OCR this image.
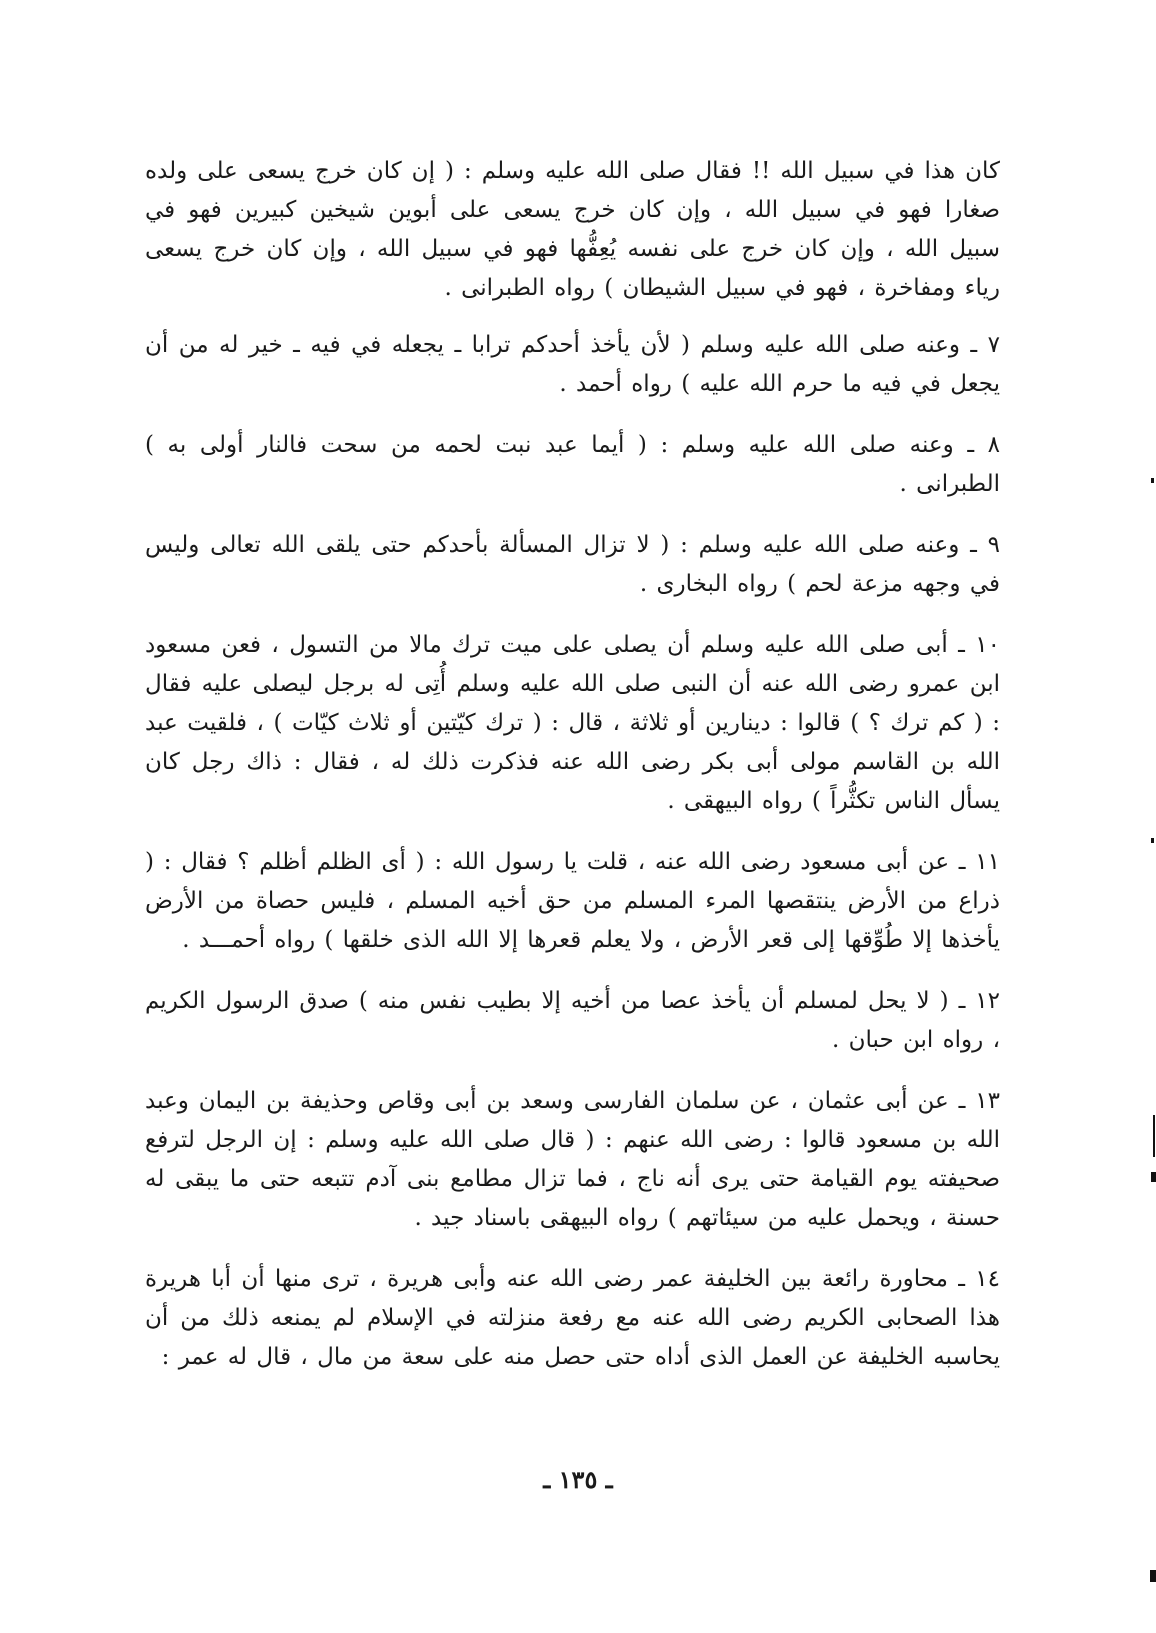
كان هذا في سبيل الله !! فقال صلى الله عليه وسلم : ( إن كان خرج يسعى على ولده صغارا فهو في سبيل الله ، وإن كان خرج يسعى على أبوين شيخين كبيرين فهو في سبيل الله ، وإن كان خرج على نفسه يُعِفُّها فهو في سبيل الله ، وإن كان خرج يسعى رياء ومفاخرة ، فهو في سبيل الشيطان ) رواه الطبرانى .

٧ ـ وعنه صلى الله عليه وسلم ( لأن يأخذ أحدكم ترابا ـ يجعله في فيه ـ خير له من أن يجعل في فيه ما حرم الله عليه ) رواه أحمد .

٨ ـ وعنه صلى الله عليه وسلم : ( أيما عبد نبت لحمه من سحت فالنار أولى به ) الطبرانى .

٩ ـ وعنه صلى الله عليه وسلم : ( لا تزال المسألة بأحدكم حتى يلقى الله تعالى وليس في وجهه مزعة لحم ) رواه البخارى .

١٠ ـ أبى صلى الله عليه وسلم أن يصلى على ميت ترك مالا من التسول ، فعن مسعود ابن عمرو رضى الله عنه أن النبى صلى الله عليه وسلم أُتِى له برجل ليصلى عليه فقال : ( كم ترك ؟ ) قالوا : دينارين أو ثلاثة ، قال : ( ترك كيّتين أو ثلاث كيّات ) ، فلقيت عبد الله بن القاسم مولى أبى بكر رضى الله عنه فذكرت ذلك له ، فقال : ذاك رجل كان يسأل الناس تكثُّراً ) رواه البيهقى .

١١ ـ عن أبى مسعود رضى الله عنه ، قلت يا رسول الله : ( أى الظلم أظلم ؟ فقال : ( ذراع من الأرض ينتقصها المرء المسلم من حق أخيه المسلم ، فليس حصاة من الأرض يأخذها إلا طُوِّقها إلى قعر الأرض ، ولا يعلم قعرها إلا الله الذى خلقها ) رواه أحمـــد .

١٢ ـ ( لا يحل لمسلم أن يأخذ عصا من أخيه إلا بطيب نفس منه ) صدق الرسول الكريم ، رواه ابن حبان .

١٣ ـ عن أبى عثمان ، عن سلمان الفارسى وسعد بن أبى وقاص وحذيفة بن اليمان وعبد الله بن مسعود قالوا : رضى الله عنهم : ( قال صلى الله عليه وسلم : إن الرجل لترفع صحيفته يوم القيامة حتى يرى أنه ناج ، فما تزال مطامع بنى آدم تتبعه حتى ما يبقى له حسنة ، ويحمل عليه من سيئاتهم ) رواه البيهقى باسناد جيد .

١٤ ـ محاورة رائعة بين الخليفة عمر رضى الله عنه وأبى هريرة ، ترى منها أن أبا هريرة هذا الصحابى الكريم رضى الله عنه مع رفعة منزلته في الإسلام لم يمنعه ذلك من أن يحاسبه الخليفة عن العمل الذى أداه حتى حصل منه على سعة من مال ، قال له عمر :

ـ ١٣٥ ـ
